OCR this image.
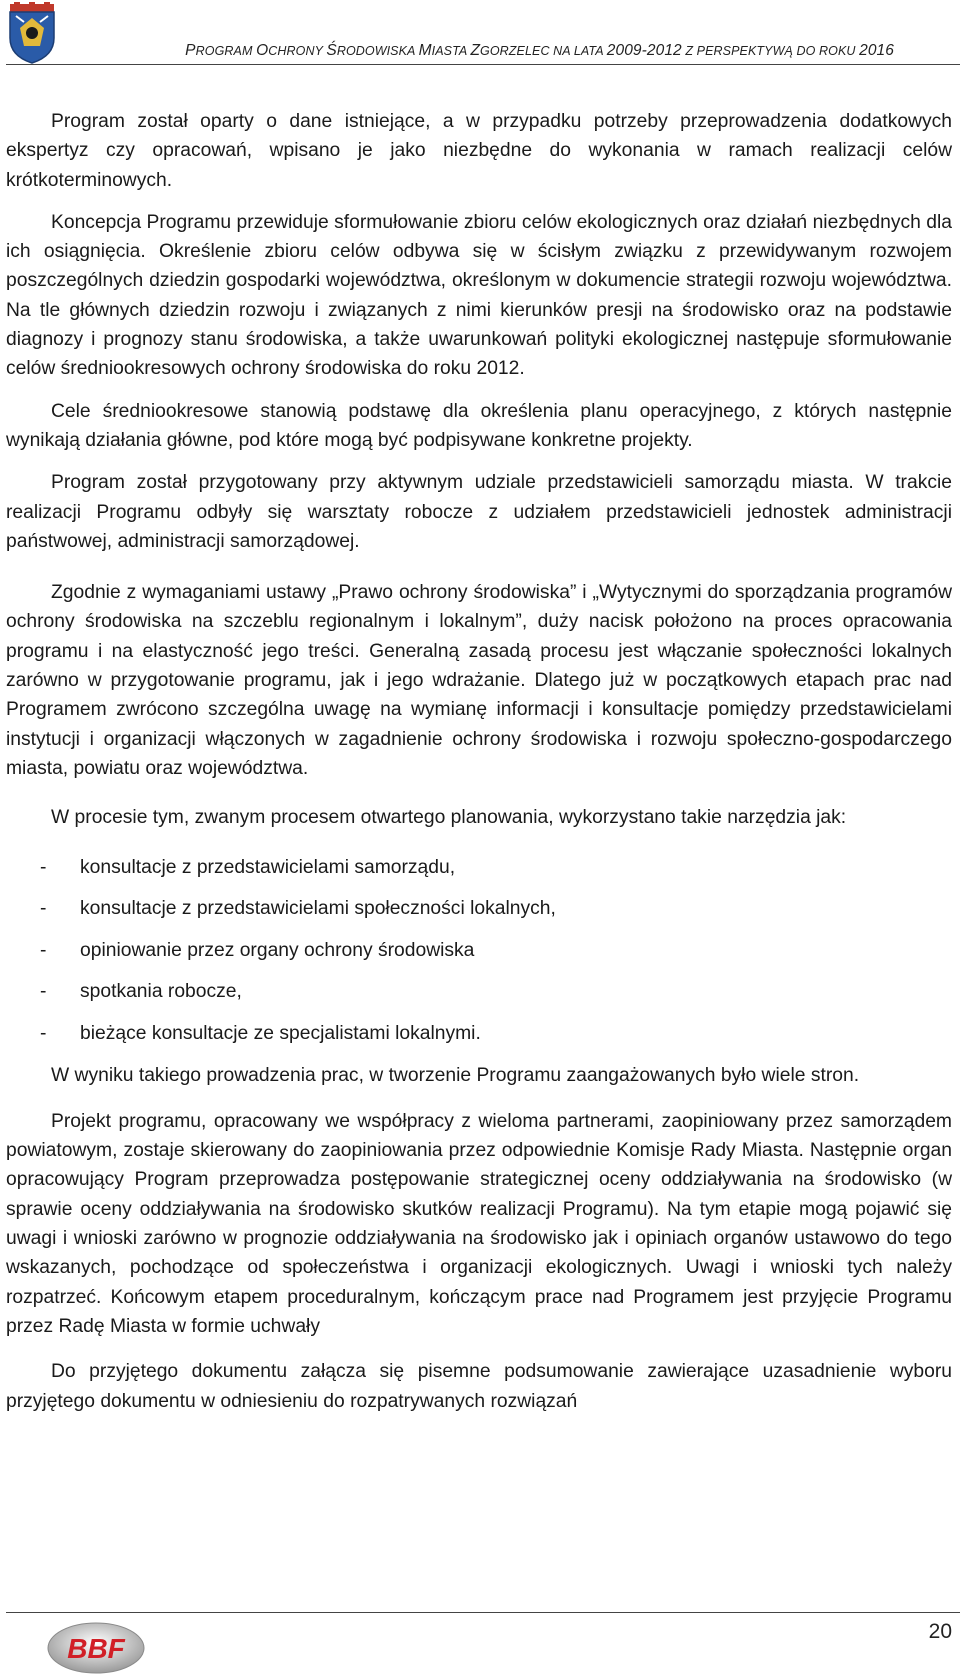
PROGRAM OCHRONY ŚRODOWISKA MIASTA ZGORZELEC NA LATA 2009-2012 Z PERSPEKTYWĄ DO ROKU 2016

Program został oparty o dane istniejące, a w przypadku potrzeby przeprowadzenia dodatkowych ekspertyz czy opracowań, wpisano je jako niezbędne do wykonania w ramach realizacji celów krótkoterminowych.

Koncepcja Programu przewiduje sformułowanie zbioru celów ekologicznych oraz działań niezbędnych dla ich osiągnięcia. Określenie zbioru celów odbywa się w ścisłym związku z przewidywanym rozwojem poszczególnych dziedzin gospodarki województwa, określonym w dokumencie strategii rozwoju województwa. Na tle głównych dziedzin rozwoju i związanych z nimi kierunków presji na środowisko oraz na podstawie diagnozy i prognozy stanu środowiska, a także uwarunkowań polityki ekologicznej następuje sformułowanie celów średniookresowych ochrony środowiska do roku 2012.

Cele średniookresowe stanowią podstawę dla określenia planu operacyjnego, z których następnie wynikają działania główne, pod które mogą być podpisywane konkretne projekty.

Program został przygotowany przy aktywnym udziale przedstawicieli samorządu miasta. W trakcie realizacji Programu odbyły się warsztaty robocze z udziałem przedstawicieli jednostek administracji państwowej, administracji samorządowej.

Zgodnie z wymaganiami ustawy „Prawo ochrony środowiska” i „Wytycznymi do sporządzania programów ochrony środowiska na szczeblu regionalnym i lokalnym”, duży nacisk położono na proces opracowania programu i na elastyczność jego treści. Generalną zasadą procesu jest włączanie społeczności lokalnych zarówno w przygotowanie programu, jak i jego wdrażanie. Dlatego już w początkowych etapach prac nad Programem zwrócono szczególna uwagę na wymianę informacji i konsultacje pomiędzy przedstawicielami instytucji i organizacji włączonych w zagadnienie ochrony środowiska i rozwoju społeczno-gospodarczego miasta, powiatu oraz województwa.

W procesie tym, zwanym procesem otwartego planowania, wykorzystano takie narzędzia jak:

- konsultacje z przedstawicielami samorządu,
- konsultacje z przedstawicielami społeczności lokalnych,
- opiniowanie przez organy ochrony środowiska
- spotkania robocze,
- bieżące konsultacje ze specjalistami lokalnymi.

W wyniku takiego prowadzenia prac, w tworzenie Programu zaangażowanych było wiele stron.

Projekt programu, opracowany we współpracy z wieloma partnerami, zaopiniowany przez samorządem powiatowym, zostaje skierowany do zaopiniowania przez odpowiednie Komisje Rady Miasta. Następnie organ opracowujący Program przeprowadza postępowanie strategicznej oceny oddziaływania na środowisko (w sprawie oceny oddziaływania na środowisko skutków realizacji Programu). Na tym etapie mogą pojawić się uwagi i wnioski zarówno w prognozie oddziaływania na środowisko jak i opiniach organów ustawowo do tego wskazanych, pochodzące od społeczeństwa i organizacji ekologicznych. Uwagi i wnioski tych należy rozpatrzeć. Końcowym etapem proceduralnym, kończącym prace nad Programem jest przyjęcie Programu przez Radę Miasta w formie uchwały

Do przyjętego dokumentu załącza się pisemne podsumowanie zawierające uzasadnienie wyboru przyjętego dokumentu w odniesieniu do rozpatrywanych rozwiązań

BBF
20
